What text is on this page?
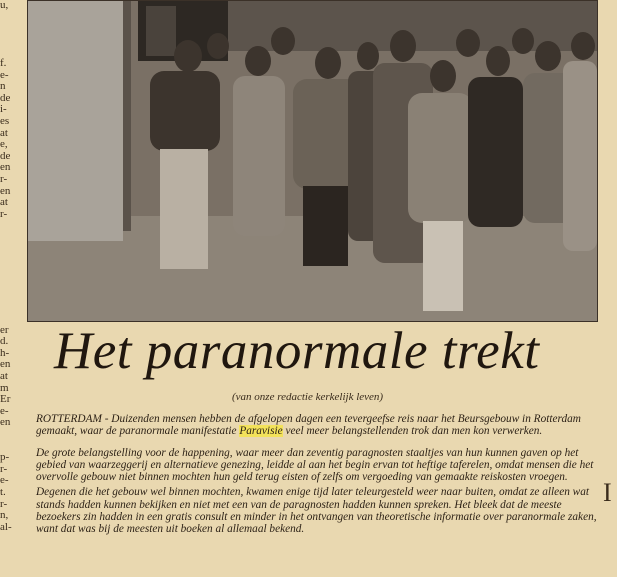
u,

f.
e-
n
de
i-
es
at
e,
de
en
r-
en
at
r-

er
d.
h-
en
at
m
Er
e-
en

p-
r-
e-
t.
r-
n,
al-
Het paranormale trekt
(van onze redactie kerkelijk leven)

ROTTERDAM - Duizenden mensen hebben de afgelopen dagen een tevergeefse reis naar het Beursgebouw in Rotterdam gemaakt, waar de paranormale manifestatie Paravisie veel meer belangstellenden trok dan men kon verwerken.

De grote belangstelling voor de happening, waar meer dan zeventig paragnosten staaltjes van hun kunnen gaven op het gebied van waarzeggerij en alternatieve genezing, leidde al aan het begin ervan tot heftige taferelen, omdat mensen die het overvolle gebouw niet binnen mochten hun geld terug eisten of zelfs om vergoeding van gemaakte reiskosten vroegen.

Degenen die het gebouw wel binnen mochten, kwamen enige tijd later teleurgesteld weer naar buiten, omdat ze alleen wat stands hadden kunnen bekijken en niet met een van de paragnosten hadden kunnen spreken. Het bleek dat de meeste bezoekers zin hadden in een gratis consult en minder in het ontvangen van theoretische informatie over paranormale zaken, want dat was bij de meesten uit boeken al allemaal bekend.

I
